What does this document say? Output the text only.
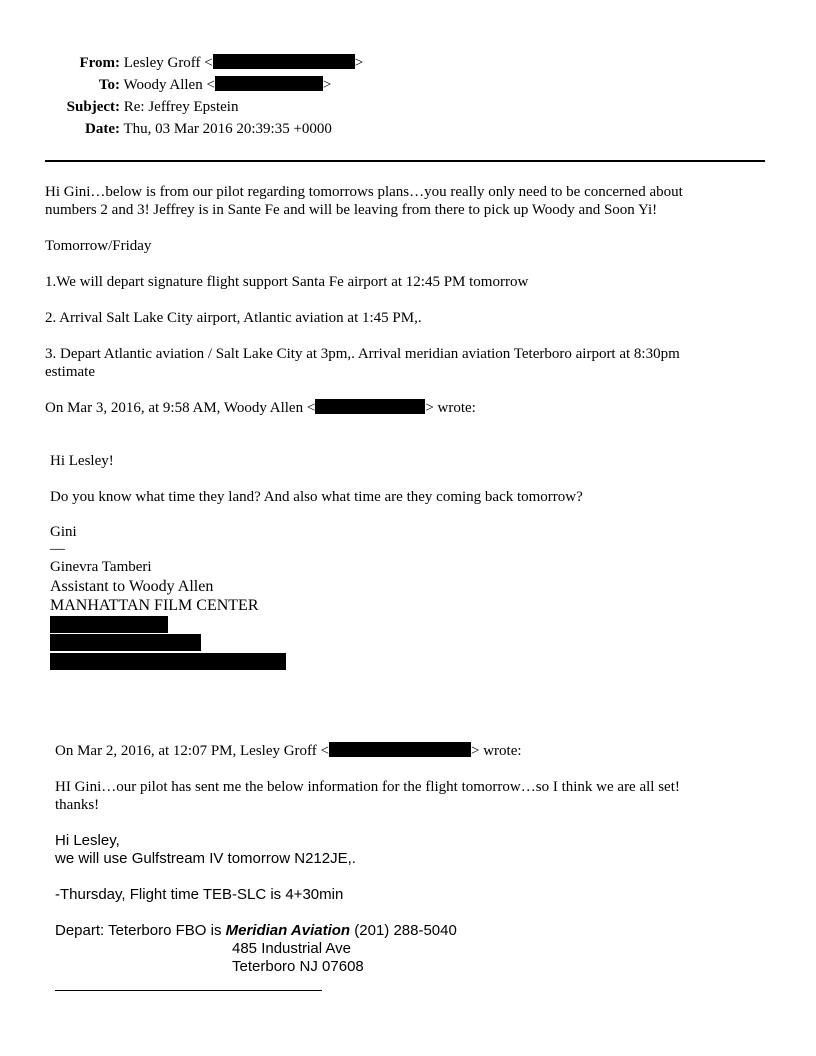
From: Lesley Groff <	>
To: Woody Allen <	>
Subject: Re: Jeffrey Epstein
Date: Thu, 03 Mar 2016 20:39:35 +0000
Hi Gini…below is from our pilot regarding tomorrows plans…you really only need to be concerned about
numbers 2 and 3! Jeffrey is in Sante Fe and will be leaving from there to pick up Woody and Soon Yi!
Tomorrow/Friday
1.We will depart signature flight support Santa Fe airport at 12:45 PM tomorrow
2. Arrival Salt Lake City airport, Atlantic aviation at 1:45 PM,.
3. Depart Atlantic aviation / Salt Lake City at 3pm,. Arrival meridian aviation Teterboro airport at 8:30pm
estimate
On Mar 3, 2016, at 9:58 AM, Woody Allen <	> wrote:
Hi Lesley!
Do you know what time they land? And also what time are they coming back tomorrow?
Gini
—
Ginevra Tamberi
Assistant to Woody Allen
MANHATTAN FILM CENTER
On Mar 2, 2016, at 12:07 PM, Lesley Groff <	> wrote:
HI Gini…our pilot has sent me the below information for the flight tomorrow…so I think we are all set!
thanks!
Hi Lesley,
we will use Gulfstream IV tomorrow N212JE,.
-Thursday, Flight time TEB-SLC is 4+30min
Depart: Teterboro FBO is Meridian Aviation (201) 288-5040
485 Industrial Ave
Teterboro NJ 07608
